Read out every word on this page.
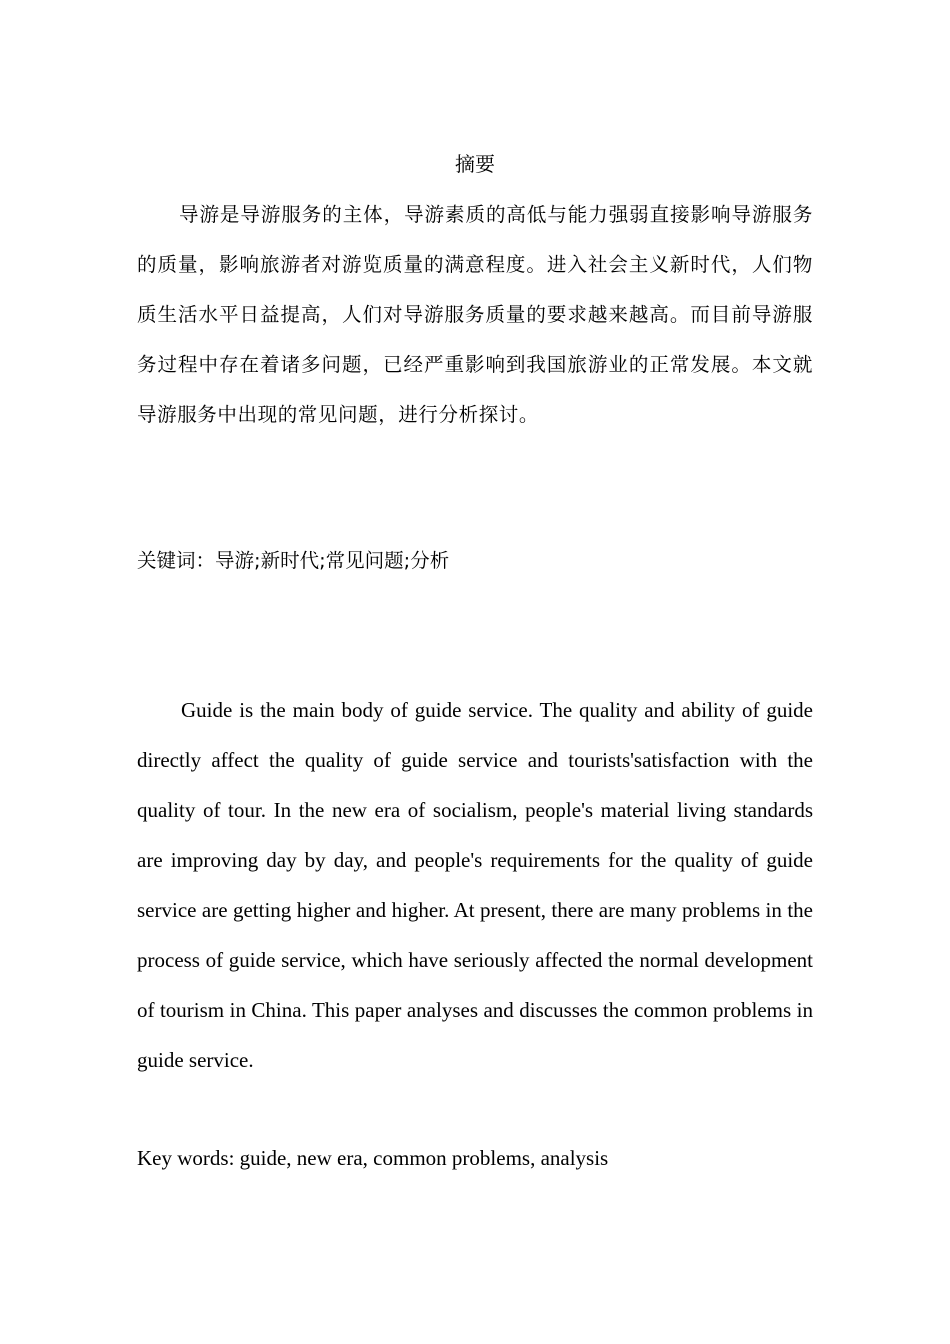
摘要

导游是导游服务的主体，导游素质的高低与能力强弱直接影响导游服务的质量，影响旅游者对游览质量的满意程度。进入社会主义新时代，人们物质生活水平日益提高，人们对导游服务质量的要求越来越高。而目前导游服务过程中存在着诸多问题，已经严重影响到我国旅游业的正常发展。本文就导游服务中出现的常见问题，进行分析探讨。

关键词：导游;新时代;常见问题;分析

Guide is the main body of guide service. The quality and ability of guide directly affect the quality of guide service and tourists'satisfaction with the quality of tour. In the new era of socialism, people's material living standards are improving day by day, and people's requirements for the quality of guide service are getting higher and higher. At present, there are many problems in the process of guide service, which have seriously affected the normal development of tourism in China. This paper analyses and discusses the common problems in guide service.

Key words: guide, new era, common problems, analysis
